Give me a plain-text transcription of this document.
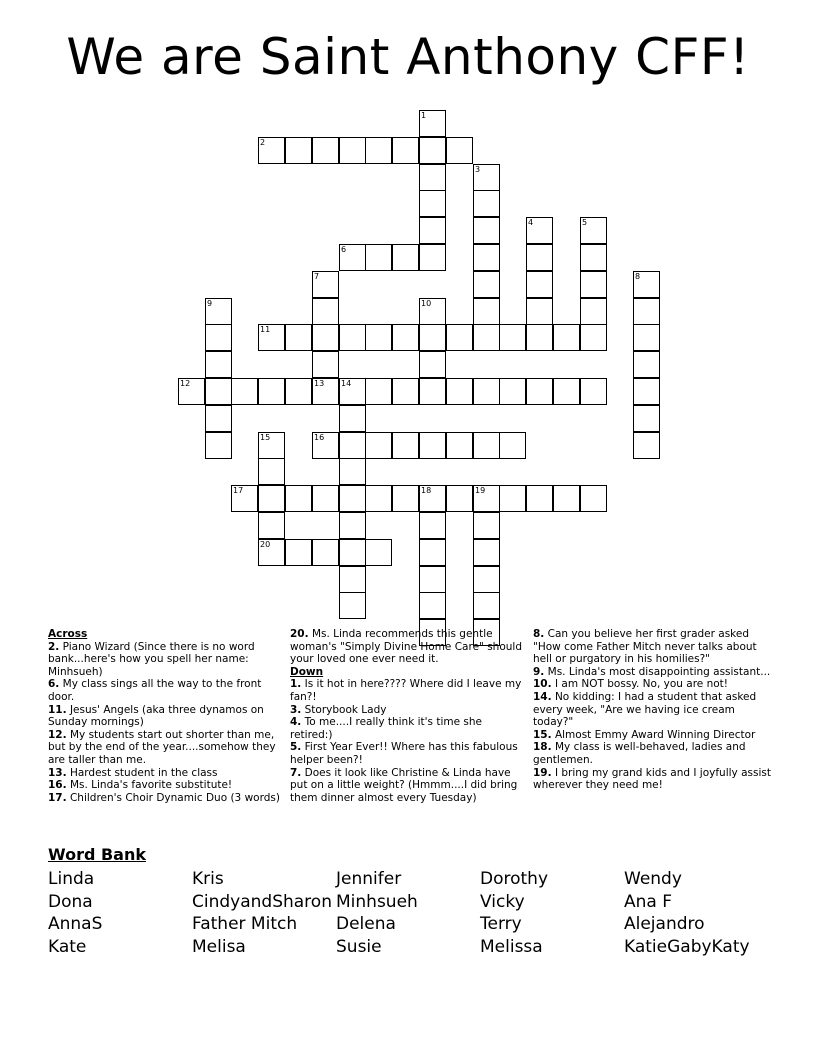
We are Saint Anthony CFF!
1
2
3
4	5
6
7	8
9	10
11
12	13 14
15	16
17	18	19
20
Across
2. Piano Wizard (Since there is no word bank...here's how you spell her name: Minhsueh)
6. My class sings all the way to the front door.
11. Jesus' Angels (aka three dynamos on Sunday mornings)
12. My students start out shorter than me, but by the end of the year....somehow they are taller than me.
13. Hardest student in the class
16. Ms. Linda's favorite substitute!
17. Children's Choir Dynamic Duo (3 words)
20. Ms. Linda recommends this gentle woman's "Simply Divine Home Care" should your loved one ever need it.
Down
1. Is it hot in here???? Where did I leave my fan?!
3. Storybook Lady
4. To me....I really think it's time she retired:)
5. First Year Ever!! Where has this fabulous helper been?!
7. Does it look like Christine & Linda have put on a little weight? (Hmmm....I did bring them dinner almost every Tuesday)
8. Can you believe her first grader asked "How come Father Mitch never talks about hell or purgatory in his homilies?"
9. Ms. Linda's most disappointing assistant...
10. I am NOT bossy. No, you are not!
14. No kidding: I had a student that asked every week, "Are we having ice cream today?"
15. Almost Emmy Award Winning Director
18. My class is well-behaved, ladies and gentlemen.
19. I bring my grand kids and I joyfully assist wherever they need me!
Word Bank
Linda
Dona
AnnaS
Kate
Kris
CindyandSharon
Father Mitch
Melisa
Jennifer
Minhsueh
Delena
Susie
Dorothy
Vicky
Terry
Melissa
Wendy
Ana F
Alejandro
KatieGabyKaty
